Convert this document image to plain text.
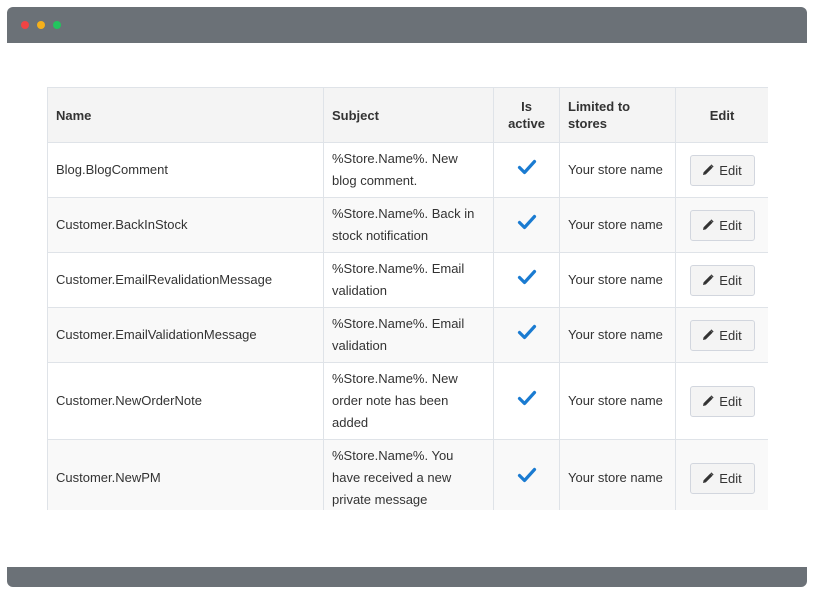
Name	Subject	Is active	Limited to stores	Edit
Blog.BlogComment	%Store.Name%. New blog comment.		Your store name	Edit

Customer.BackInStock	%Store.Name%. Back in stock notification		Your store name	Edit

Customer.EmailRevalidationMessage	%Store.Name%. Email validation		Your store name	Edit

Customer.EmailValidationMessage	%Store.Name%. Email validation		Your store name	Edit

Customer.NewOrderNote	%Store.Name%. New order note has been added		Your store name	Edit

Customer.NewPM	%Store.Name%. You have received a new private message		Your store name	Edit
